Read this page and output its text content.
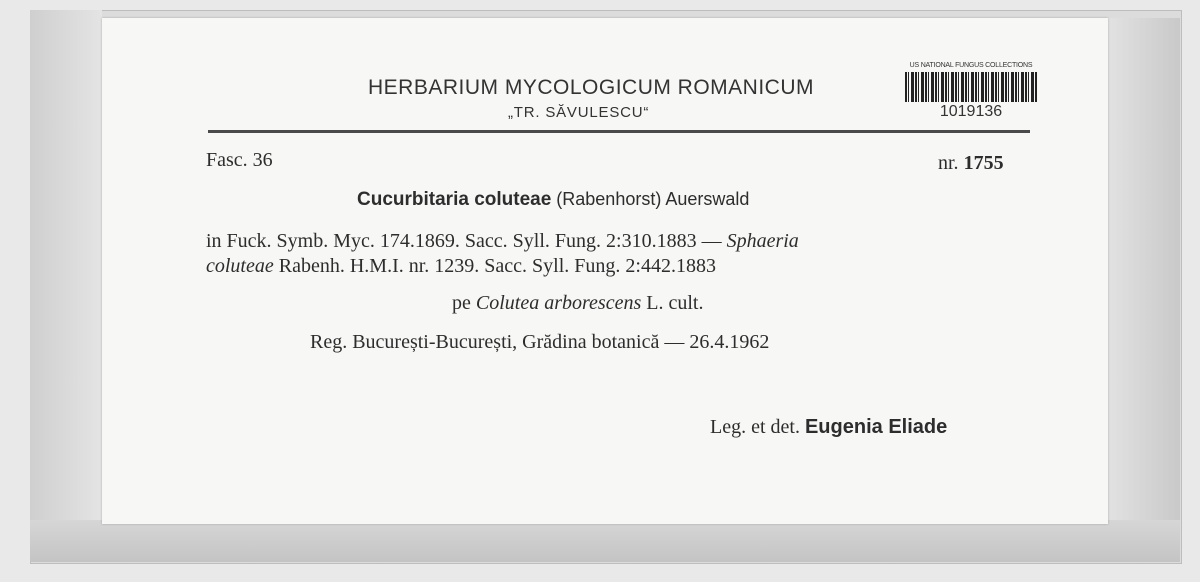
HERBARIUM MYCOLOGICUM ROMANICUM
„TR. SĂVULESCU“
US NATIONAL FUNGUS COLLECTIONS
1019136
Fasc. 36	nr. 1755
Cucurbitaria coluteae (Rabenhorst) Auerswald
in Fuck. Symb. Myc. 174.1869. Sacc. Syll. Fung. 2:310.1883 — Sphaeria
coluteae Rabenh. H.M.I. nr. 1239. Sacc. Syll. Fung. 2:442.1883
pe Colutea arborescens L. cult.
Reg. București-București, Grădina botanică — 26.4.1962
Leg. et det. Eugenia Eliade
